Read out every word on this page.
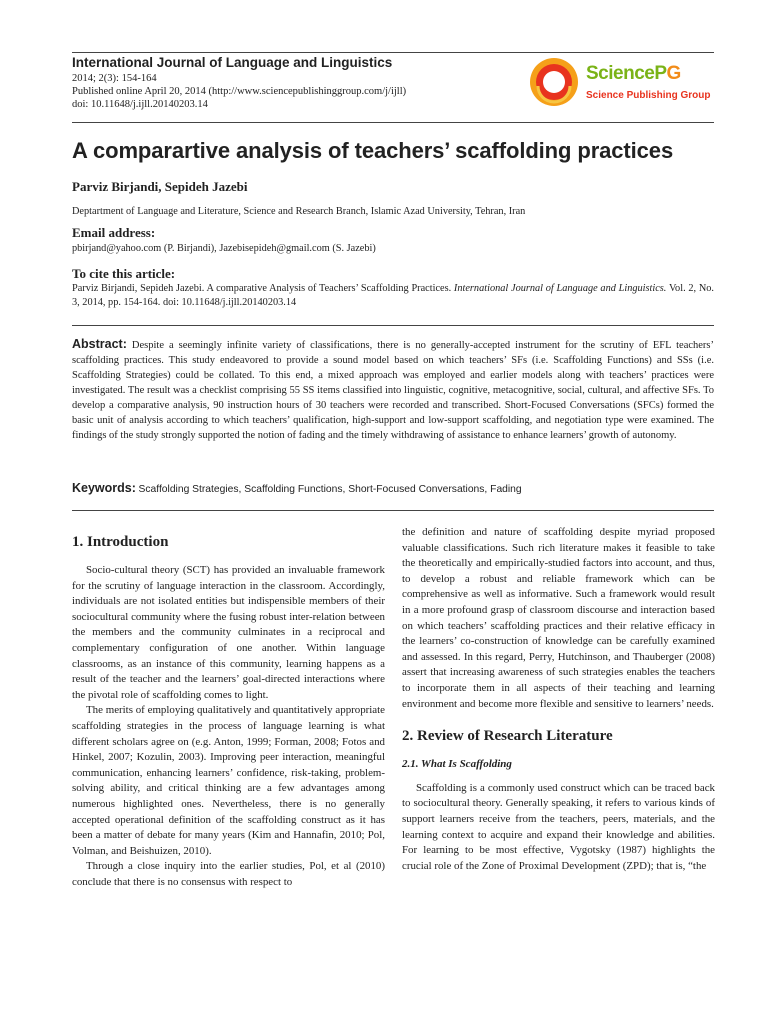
International Journal of Language and Linguistics
2014; 2(3): 154-164
Published online April 20, 2014 (http://www.sciencepublishinggroup.com/j/ijll)
doi: 10.11648/j.ijll.20140203.14
SciencePG
Science Publishing Group
A comparartive analysis of teachers’ scaffolding practices
Parviz Birjandi, Sepideh Jazebi
Deptartment of Language and Literature, Science and Research Branch, Islamic Azad University, Tehran, Iran
Email address:
pbirjand@yahoo.com (P. Birjandi), Jazebisepideh@gmail.com (S. Jazebi)
To cite this article:
Parviz Birjandi, Sepideh Jazebi. A comparative Analysis of Teachers’ Scaffolding Practices. International Journal of Language and Linguistics. Vol. 2, No. 3, 2014, pp. 154-164. doi: 10.11648/j.ijll.20140203.14
Abstract: Despite a seemingly infinite variety of classifications, there is no generally-accepted instrument for the scrutiny of EFL teachers’ scaffolding practices. This study endeavored to provide a sound model based on which teachers’ SFs (i.e. Scaffolding Functions) and SSs (i.e. Scaffolding Strategies) could be collated. To this end, a mixed approach was employed and earlier models along with teachers’ practices were investigated. The result was a checklist comprising 55 SS items classified into linguistic, cognitive, metacognitive, social, cultural, and affective SFs. To develop a comparative analysis, 90 instruction hours of 30 teachers were recorded and transcribed. Short-Focused Conversations (SFCs) formed the basic unit of analysis according to which teachers’ qualification, high-support and low-support scaffolding, and negotiation type were examined. The findings of the study strongly supported the notion of fading and the timely withdrawing of assistance to enhance learners’ growth of autonomy.
Keywords: Scaffolding Strategies, Scaffolding Functions, Short-Focused Conversations, Fading
1. Introduction

Socio-cultural theory (SCT) has provided an invaluable framework for the scrutiny of language interaction in the classroom. Accordingly, individuals are not isolated entities but indispensible members of their sociocultural community where the fusing robust inter-relation between the members and the community culminates in a reciprocal and complementary configuration of one another. Within language classrooms, as an instance of this community, learning happens as a result of the teacher and the learners’ goal-directed interactions where the pivotal role of scaffolding comes to light.

The merits of employing qualitatively and quantitatively appropriate scaffolding strategies in the process of language learning is what different scholars agree on (e.g. Anton, 1999; Forman, 2008; Fotos and Hinkel, 2007; Kozulin, 2003). Improving peer interaction, meaningful communication, enhancing learners’ confidence, risk-taking, problem-solving ability, and critical thinking are a few advantages among numerous highlighted ones. Nevertheless, there is no generally accepted operational definition of the scaffolding construct as it has been a matter of debate for many years (Kim and Hannafin, 2010; Pol, Volman, and Beishuizen, 2010).

Through a close inquiry into the earlier studies, Pol, et al (2010) conclude that there is no consensus with respect to

the definition and nature of scaffolding despite myriad proposed valuable classifications. Such rich literature makes it feasible to take the theoretically and empirically-studied factors into account, and thus, to develop a robust and reliable framework which can be comprehensive as well as informative. Such a framework would result in a more profound grasp of classroom discourse and interaction based on which teachers’ scaffolding practices and their relative efficacy in the learners’ co-construction of knowledge can be carefully examined and assessed. In this regard, Perry, Hutchinson, and Thauberger (2008) assert that increasing awareness of such strategies enables the teachers to incorporate them in all aspects of their teaching and learning environment and become more flexible and sensitive to learners’ needs.

2. Review of Research Literature
2.1. What Is Scaffolding

Scaffolding is a commonly used construct which can be traced back to sociocultural theory. Generally speaking, it refers to various kinds of support learners receive from the teachers, peers, materials, and the learning context to acquire and expand their knowledge and abilities. For learning to be most effective, Vygotsky (1987) highlights the crucial role of the Zone of Proximal Development (ZPD); that is, “the
